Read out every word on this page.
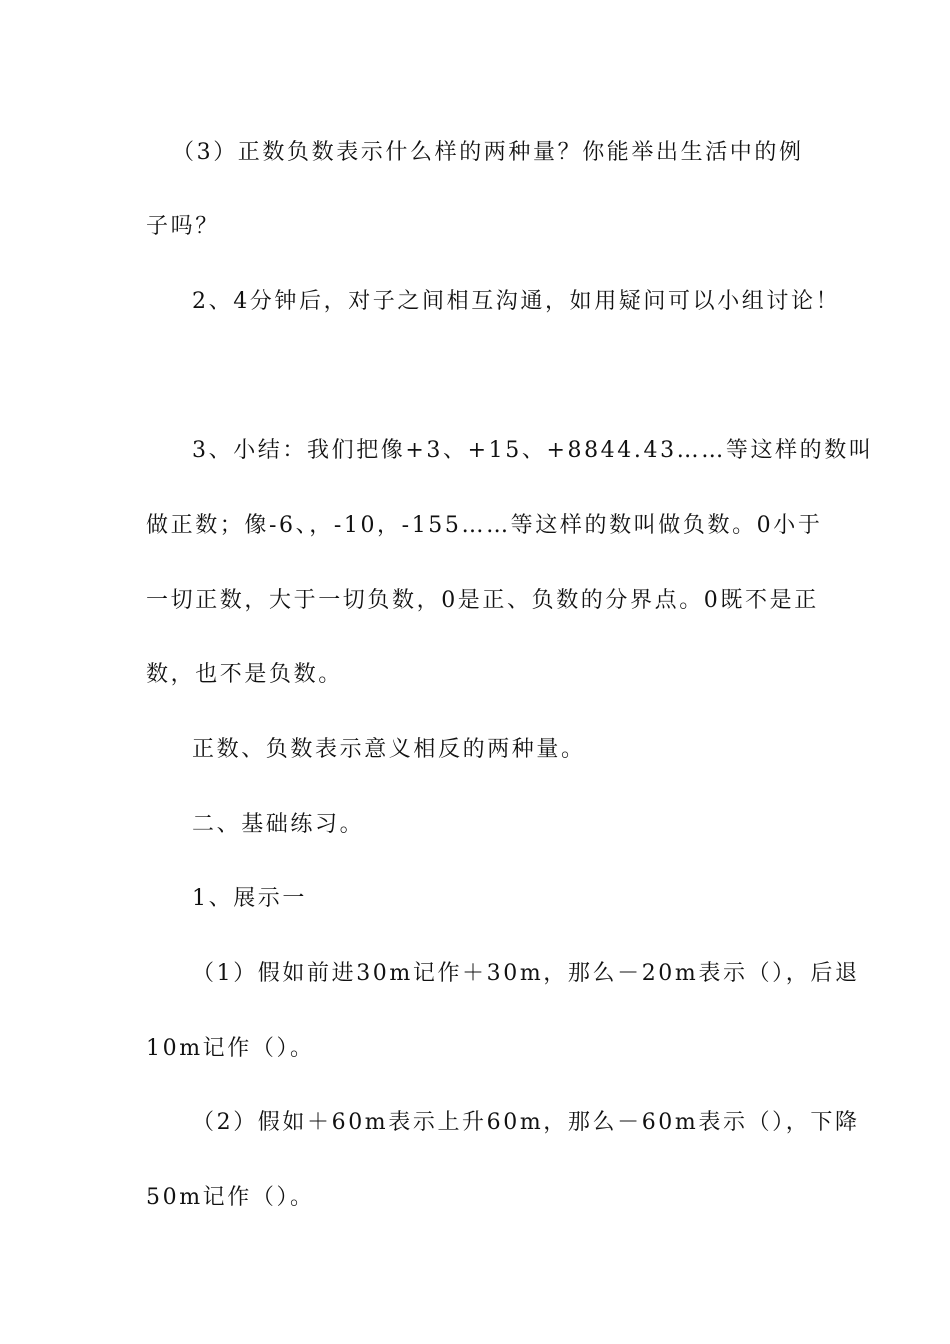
（3）正数负数表示什么样的两种量？你能举出生活中的例
子吗？
2、4分钟后，对子之间相互沟通，如用疑问可以小组讨论！
3、小结：我们把像+3、+15、+8844.43……等这样的数叫
做正数；像-6、，-10，-155……等这样的数叫做负数。0小于
一切正数，大于一切负数，0是正、负数的分界点。0既不是正
数，也不是负数。
正数、负数表示意义相反的两种量。
二、基础练习。
1、展示一
（1）假如前进30m记作＋30m，那么－20m表示（），后退
10m记作（）。
（2）假如＋60m表示上升60m，那么－60m表示（），下降
50m记作（）。
